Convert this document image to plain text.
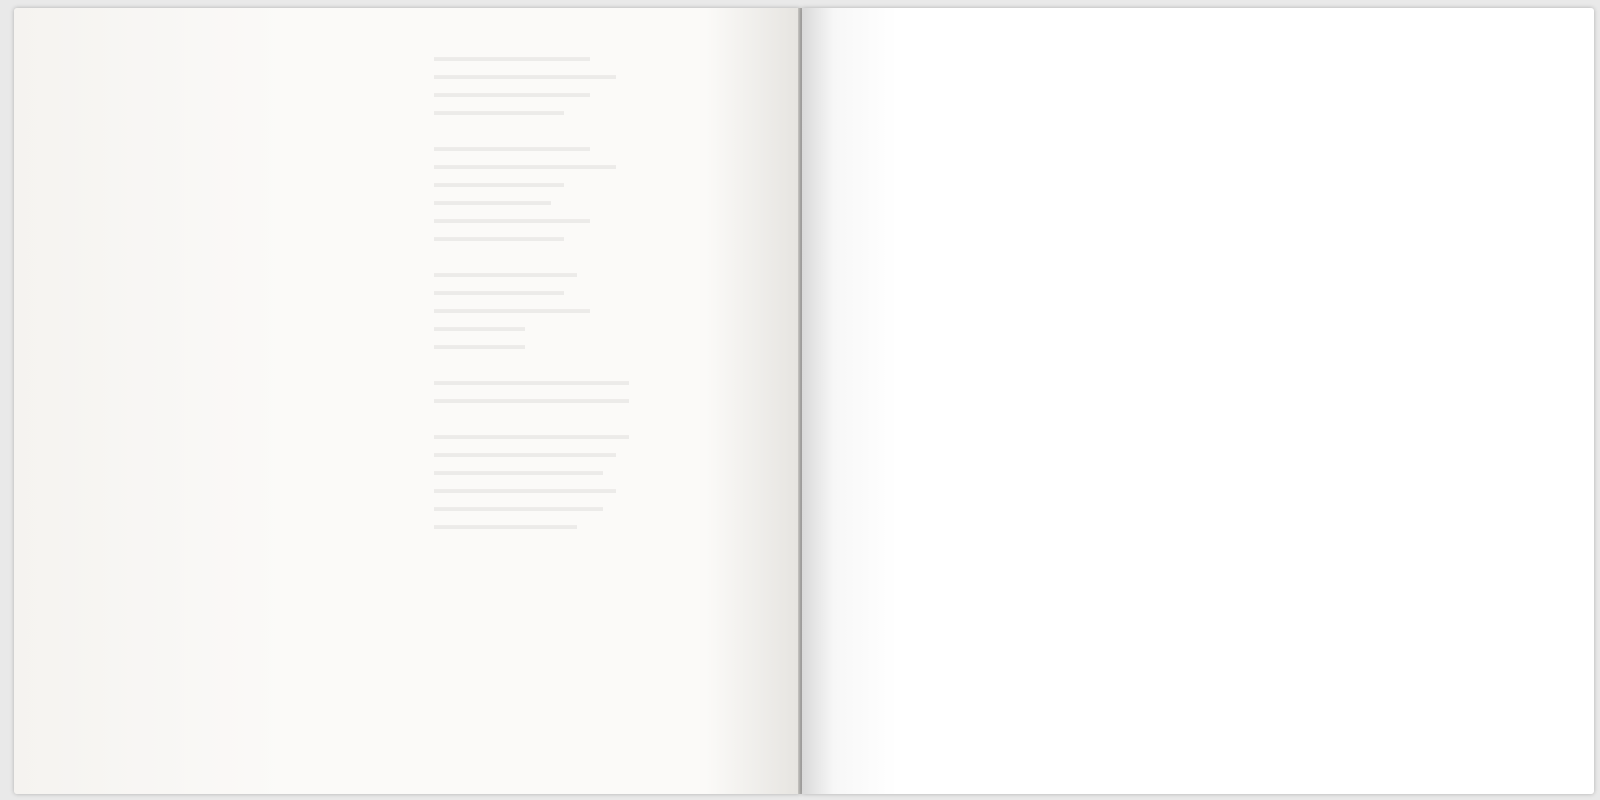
▬▬▬▬▬▬▬▬▬▬▬▬
▬▬▬▬▬▬▬▬▬▬▬▬▬▬
▬▬▬▬▬▬▬▬▬▬▬▬
▬▬▬▬▬▬▬▬▬▬

▬▬▬▬▬▬▬▬▬▬▬▬
▬▬▬▬▬▬▬▬▬▬▬▬▬▬
▬▬▬▬▬▬▬▬▬▬
▬▬▬▬▬▬▬▬▬
▬▬▬▬▬▬▬▬▬▬▬▬
▬▬▬▬▬▬▬▬▬▬

▬▬▬▬▬▬▬▬▬▬▬
▬▬▬▬▬▬▬▬▬▬
▬▬▬▬▬▬▬▬▬▬▬▬
▬▬▬▬▬▬▬
▬▬▬▬▬▬▬

▬▬▬▬▬▬▬▬▬▬▬▬▬▬▬
▬▬▬▬▬▬▬▬▬▬▬▬▬▬▬

▬▬▬▬▬▬▬▬▬▬▬▬▬▬▬
▬▬▬▬▬▬▬▬▬▬▬▬▬▬
▬▬▬▬▬▬▬▬▬▬▬▬▬
▬▬▬▬▬▬▬▬▬▬▬▬▬▬
▬▬▬▬▬▬▬▬▬▬▬▬▬
▬▬▬▬▬▬▬▬▬▬▬
